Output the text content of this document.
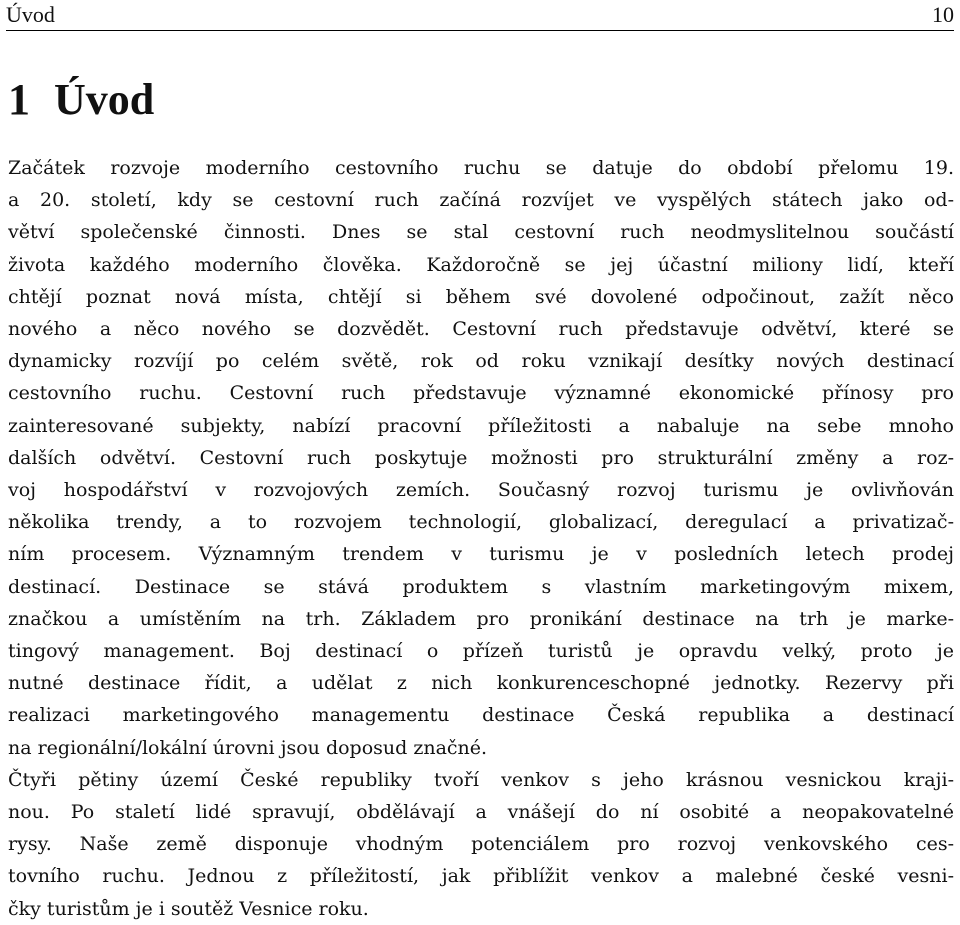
Úvod	10
1 Úvod
Začátek rozvoje moderního cestovního ruchu se datuje do období přelomu 19.
a 20. století, kdy se cestovní ruch začíná rozvíjet ve vyspělých státech jako od-
větví společenské činnosti. Dnes se stal cestovní ruch neodmyslitelnou součástí
života každého moderního člověka. Každoročně se jej účastní miliony lidí, kteří
chtějí poznat nová místa, chtějí si během své dovolené odpočinout, zažít něco
nového a něco nového se dozvědět. Cestovní ruch představuje odvětví, které se
dynamicky rozvíjí po celém světě, rok od roku vznikají desítky nových destinací
cestovního ruchu. Cestovní ruch představuje významné ekonomické přínosy pro
zainteresované subjekty, nabízí pracovní příležitosti a nabaluje na sebe mnoho
dalších odvětví. Cestovní ruch poskytuje možnosti pro strukturální změny a roz-
voj hospodářství v rozvojových zemích. Současný rozvoj turismu je ovlivňován
několika trendy, a to rozvojem technologií, globalizací, deregulací a privatizač-
ním procesem. Významným trendem v turismu je v posledních letech prodej
destinací. Destinace se stává produktem s vlastním marketingovým mixem,
značkou a umístěním na trh. Základem pro pronikání destinace na trh je marke-
tingový management. Boj destinací o přízeň turistů je opravdu velký, proto je
nutné destinace řídit, a udělat z nich konkurenceschopné jednotky. Rezervy při
realizaci marketingového managementu destinace Česká republika a destinací
na regionální/lokální úrovni jsou doposud značné.
Čtyři pětiny území České republiky tvoří venkov s jeho krásnou vesnickou kraji-
nou. Po staletí lidé spravují, obdělávají a vnášejí do ní osobité a neopakovatelné
rysy. Naše země disponuje vhodným potenciálem pro rozvoj venkovského ces-
tovního ruchu. Jednou z příležitostí, jak přiblížit venkov a malebné české vesni-
čky turistům je i soutěž Vesnice roku.
